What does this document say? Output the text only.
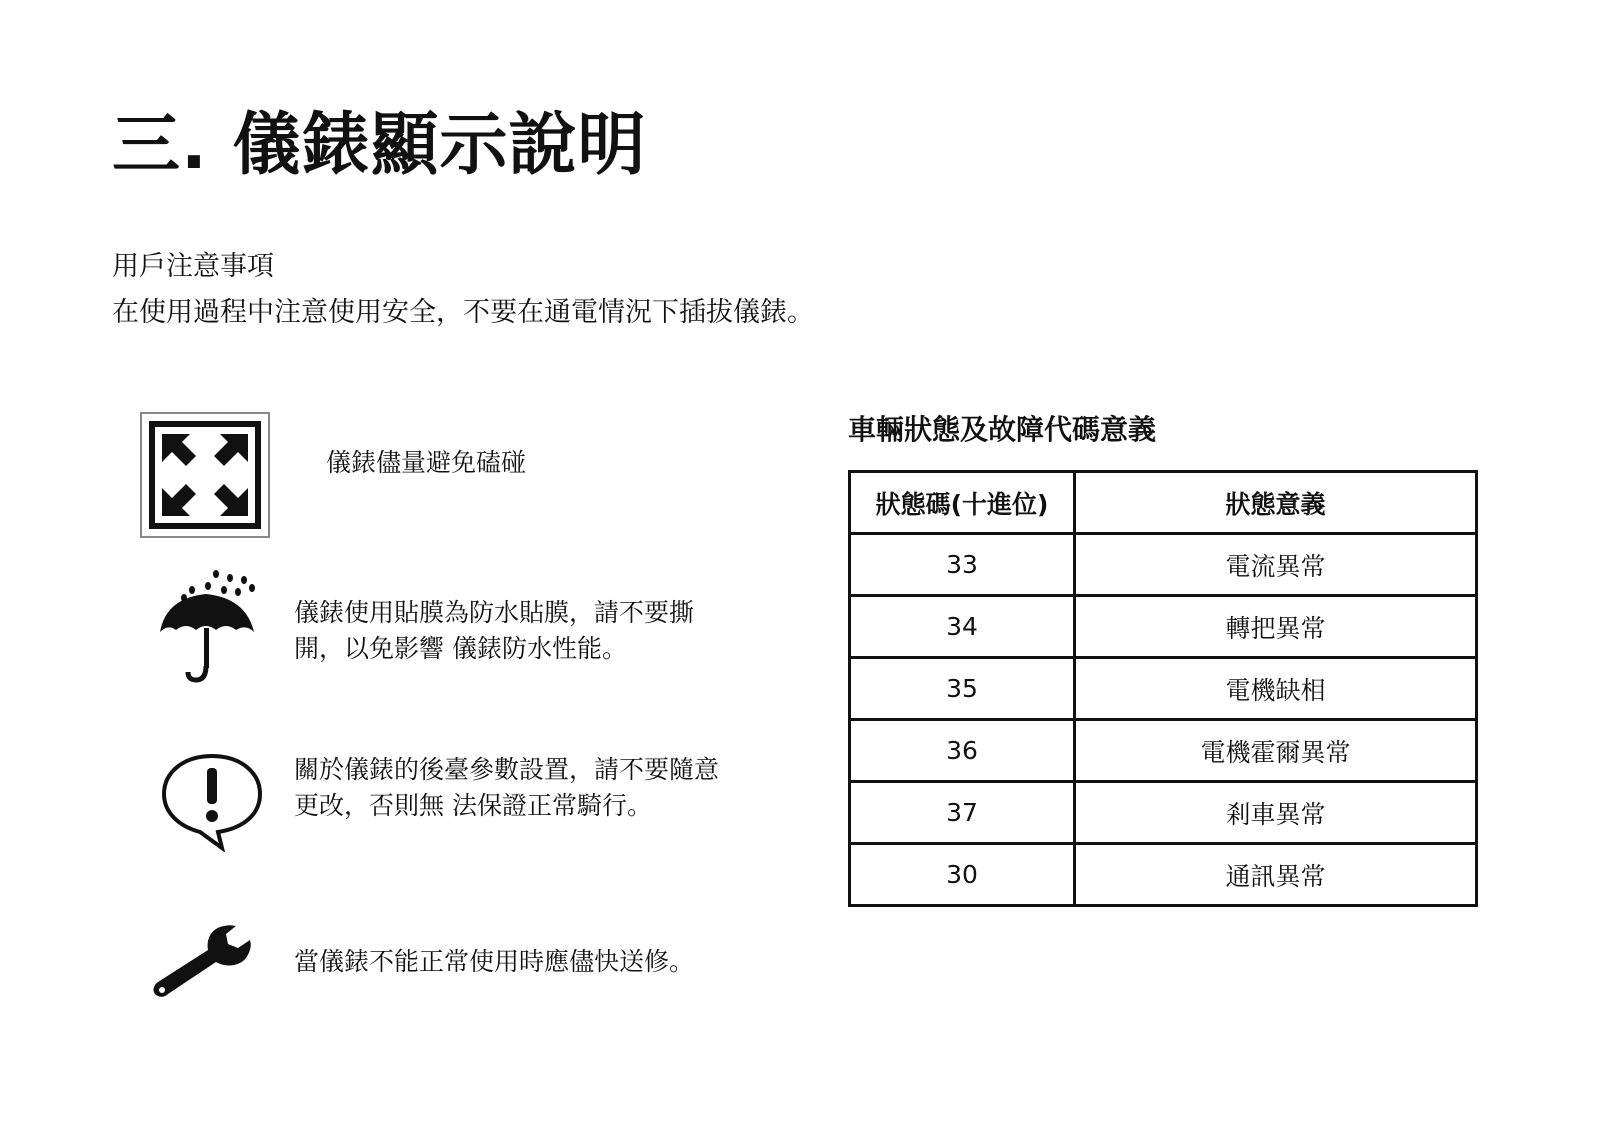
三. 儀錶顯示說明
用戶注意事項
在使用過程中注意使用安全，不要在通電情況下插拔儀錶。
儀錶儘量避免磕碰
儀錶使用貼膜為防水貼膜，請不要撕
開，以免影響 儀錶防水性能。
關於儀錶的後臺參數設置，請不要隨意
更改，否則無 法保證正常騎行。
當儀錶不能正常使用時應儘快送修。
車輛狀態及故障代碼意義
狀態碼(十進位)	狀態意義
33	電流異常
34	轉把異常
35	電機缺相
36	電機霍爾異常
37	剎車異常
30	通訊異常
